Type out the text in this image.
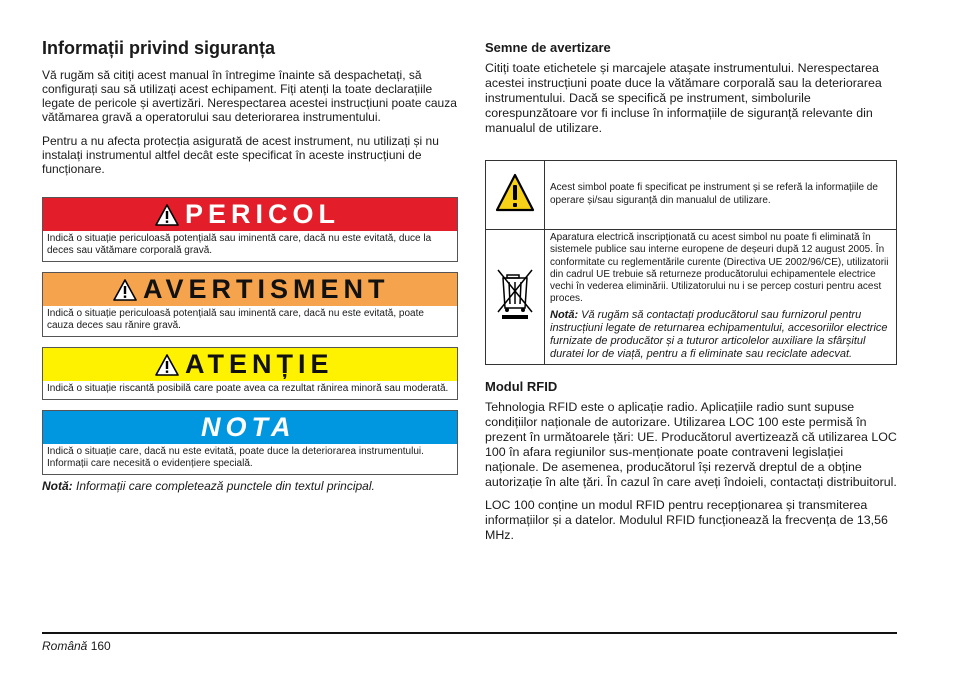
Informații privind siguranța

Vă rugăm să citiți acest manual în întregime înainte să despachetați, să configurați sau să utilizați acest echipament. Fiți atenți la toate declarațiile legate de pericole și avertizări. Nerespectarea acestei instrucțiuni poate cauza vătămarea gravă a operatorului sau deteriorarea instrumentului.

Pentru a nu afecta protecția asigurată de acest instrument, nu utilizați și nu instalați instrumentul altfel decât este specificat în aceste instrucțiuni de funcționare.

PERICOL
Indică o situație periculoasă potențială sau iminentă care, dacă nu este evitată, duce la deces sau vătămare corporală gravă.
AVERTISMENT
Indică o situație periculoasă potențială sau iminentă care, dacă nu este evitată, poate cauza deces sau rănire gravă.
ATENȚIE
Indică o situație riscantă posibilă care poate avea ca rezultat rănirea minoră sau moderată.
NOTA
Indică o situație care, dacă nu este evitată, poate duce la deteriorarea instrumentului. Informații care necesită o evidențiere specială.

Notă: Informații care completează punctele din textul principal.

Semne de avertizare

Citiți toate etichetele și marcajele atașate instrumentului. Nerespectarea acestei instrucțiuni poate duce la vătămare corporală sau la deteriorarea instrumentului. Dacă se specifică pe instrument, simbolurile corespunzătoare vor fi incluse în informațiile de siguranță relevante din manualul de utilizare.

	Acest simbol poate fi specificat pe instrument și se referă la informațiile de operare și/sau siguranță din manualul de utilizare.

Aparatura electrică inscripționată cu acest simbol nu poate fi eliminată în sistemele publice sau interne europene de deșeuri după 12 august 2005. În conformitate cu reglementările curente (Directiva UE 2002/96/CE), utilizatorii din cadrul UE trebuie să returneze producătorului echipamentele electrice vechi în vederea eliminării. Utilizatorului nu i se percep costuri pentru acest proces.
Notă: Vă rugăm să contactați producătorul sau furnizorul pentru instrucțiuni legate de returnarea echipamentului, accesoriilor electrice furnizate de producător și a tuturor articolelor auxiliare la sfârșitul duratei lor de viață, pentru a fi eliminate sau reciclate adecvat.
Modul RFID

Tehnologia RFID este o aplicație radio. Aplicațiile radio sunt supuse condițiilor naționale de autorizare. Utilizarea LOC 100 este permisă în prezent în următoarele țări: UE. Producătorul avertizează că utilizarea LOC 100 în afara regiunilor sus-menționate poate contraveni legislației naționale. De asemenea, producătorul își rezervă dreptul de a obține autorizație în alte țări. În cazul în care aveți îndoieli, contactați distribuitorul.

LOC 100 conține un modul RFID pentru recepționarea și transmiterea informațiilor și a datelor. Modulul RFID funcționează la frecvența de 13,56 MHz.

Română 160
